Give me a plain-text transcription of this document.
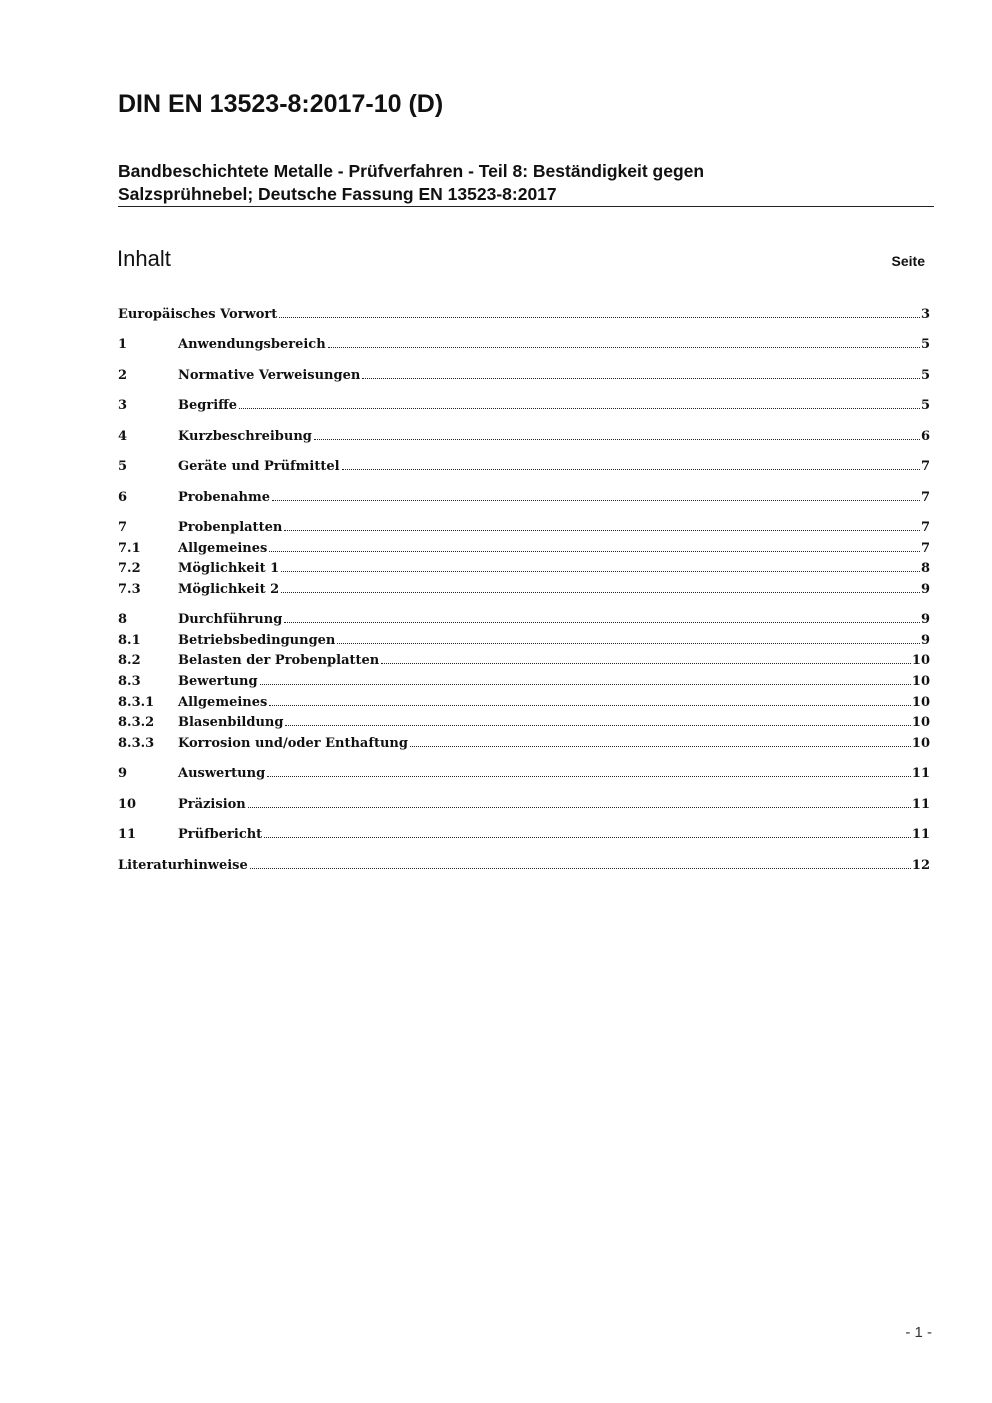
DIN EN 13523-8:2017-10 (D)
Bandbeschichtete Metalle - Prüfverfahren - Teil 8: Beständigkeit gegen
Salzsprühnebel; Deutsche Fassung EN 13523-8:2017
Inhalt	Seite
Europäisches Vorwort	3
1	Anwendungsbereich	5
2	Normative Verweisungen	5
3	Begriffe	5
4	Kurzbeschreibung	6
5	Geräte und Prüfmittel	7
6	Probenahme	7
7	Probenplatten	7
7.1	Allgemeines	7
7.2	Möglichkeit 1	8
7.3	Möglichkeit 2	9
8	Durchführung	9
8.1	Betriebsbedingungen	9
8.2	Belasten der Probenplatten	10
8.3	Bewertung	10
8.3.1	Allgemeines	10
8.3.2	Blasenbildung	10
8.3.3	Korrosion und/oder Enthaftung	10
9	Auswertung	11
10	Präzision	11
11	Prüfbericht	11
Literaturhinweise	12
- 1 -
